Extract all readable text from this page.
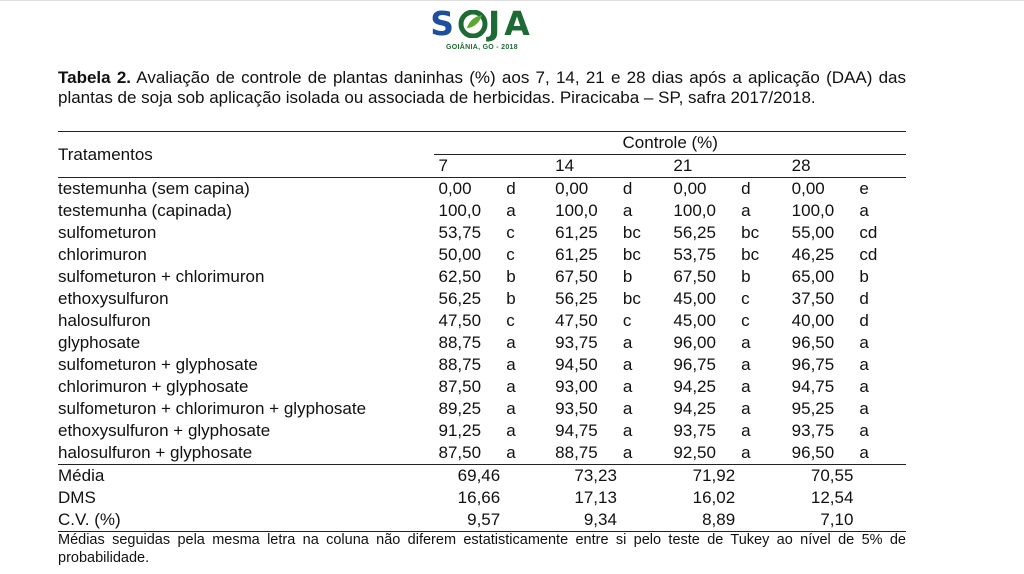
S JA
GOIÂNIA, GO - 2018
Tabela 2. Avaliação de controle de plantas daninhas (%) aos 7, 14, 21 e 28 dias após a aplicação (DAA) das plantas de soja sob aplicação isolada ou associada de herbicidas. Piracicaba – SP, safra 2017/2018.
Tratamentos	Controle (%)							
	7		14		21		28	
testemunha (sem capina)	0,00	d	0,00	d	0,00	d	0,00	e
testemunha (capinada)	100,0	a	100,0	a	100,0	a	100,0	a
sulfometuron	53,75	c	61,25	bc	56,25	bc	55,00	cd
chlorimuron	50,00	c	61,25	bc	53,75	bc	46,25	cd
sulfometuron + chlorimuron	62,50	b	67,50	b	67,50	b	65,00	b
ethoxysulfuron	56,25	b	56,25	bc	45,00	c	37,50	d
halosulfuron	47,50	c	47,50	c	45,00	c	40,00	d
glyphosate	88,75	a	93,75	a	96,00	a	96,50	a
sulfometuron + glyphosate	88,75	a	94,50	a	96,75	a	96,75	a
chlorimuron + glyphosate	87,50	a	93,00	a	94,25	a	94,75	a
sulfometuron + chlorimuron + glyphosate	89,25	a	93,50	a	94,25	a	95,25	a
ethoxysulfuron + glyphosate	91,25	a	94,75	a	93,75	a	93,75	a
halosulfuron + glyphosate	87,50	a	88,75	a	92,50	a	96,50	a
Média	69,46		73,23		71,92		70,55	
DMS	16,66		17,13		16,02		12,54	
C.V. (%)	9,57		9,34		8,89		7,10	
Médias seguidas pela mesma letra na coluna não diferem estatisticamente entre si pelo teste de Tukey ao nível de 5% de probabilidade.
